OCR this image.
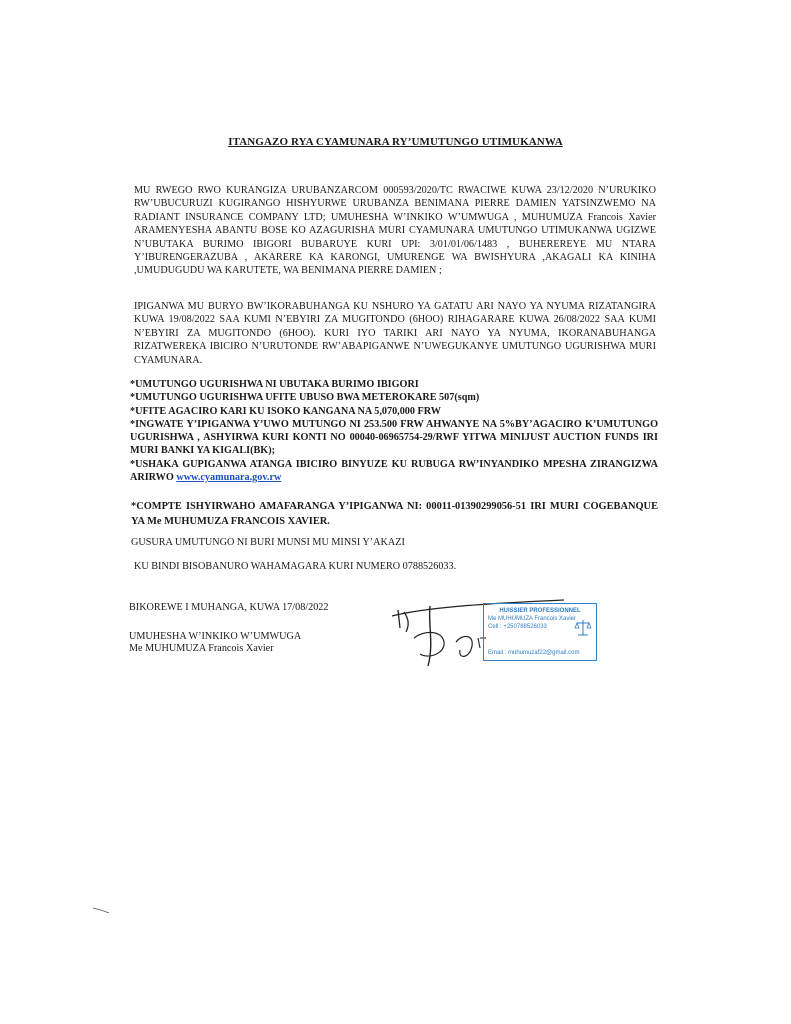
ITANGAZO RYA CYAMUNARA RY’UMUTUNGO UTIMUKANWA

MU RWEGO RWO KURANGIZA URUBANZARCOM 000593/2020/TC RWACIWE KUWA 23/12/2020 N’URUKIKO RW’UBUCURUZI KUGIRANGO HISHYURWE URUBANZA BENIMANA PIERRE DAMIEN YATSINZWEMO NA RADIANT INSURANCE COMPANY LTD; UMUHESHA W’INKIKO W’UMWUGA , MUHUMUZA Francois Xavier ARAMENYESHA ABANTU BOSE KO AZAGURISHA MURI CYAMUNARA UMUTUNGO UTIMUKANWA UGIZWE N’UBUTAKA BURIMO IBIGORI BUBARUYE KURI UPI: 3/01/01/06/1483 , BUHEREREYE MU NTARA Y’IBURENGERAZUBA , AKARERE KA KARONGI, UMURENGE WA BWISHYURA ,AKAGALI KA KINIHA ,UMUDUGUDU WA KARUTETE, WA BENIMANA PIERRE DAMIEN ;

IPIGANWA MU BURYO BW’IKORABUHANGA KU NSHURO YA GATATU ARI NAYO YA NYUMA RIZATANGIRA KUWA 19/08/2022 SAA KUMI N’EBYIRI ZA MUGITONDO (6HOO) RIHAGARARE KUWA 26/08/2022 SAA KUMI N’EBYIRI ZA MUGITONDO (6HOO). KURI IYO TARIKI ARI NAYO YA NYUMA, IKORANABUHANGA RIZATWEREKA IBICIRO N’URUTONDE RW’ABAPIGANWE N’UWEGUKANYE UMUTUNGO UGURISHWA MURI CYAMUNARA.

*UMUTUNGO UGURISHWA NI UBUTAKA BURIMO IBIGORI
*UMUTUNGO UGURISHWA UFITE UBUSO BWA METEROKARE 507(sqm)
*UFITE AGACIRO KARI KU ISOKO KANGANA NA 5,070,000 FRW
*INGWATE Y’IPIGANWA Y’UWO MUTUNGO NI 253.500 FRW AHWANYE NA 5%BY’AGACIRO K’UMUTUNGO UGURISHWA , ASHYIRWA KURI KONTI NO 00040-06965754-29/RWF YITWA MINIJUST AUCTION FUNDS IRI MURI BANKI YA KIGALI(BK);
*USHAKA GUPIGANWA ATANGA IBICIRO BINYUZE KU RUBUGA RW’INYANDIKO MPESHA ZIRANGIZWA ARIRWO www.cyamunara.gov.rw

*COMPTE ISHYIRWAHO AMAFARANGA Y’IPIGANWA NI: 00011-01390299056-51 IRI MURI COGEBANQUE YA Me MUHUMUZA FRANCOIS XAVIER.

GUSURA UMUTUNGO NI BURI MUNSI MU MINSI Y’AKAZI

KU BINDI BISOBANURO WAHAMAGARA KURI NUMERO 0788526033.

BIKOREWE I MUHANGA, KUWA 17/08/2022

UMUHESHA W’INKIKO W’UMWUGA

Me MUHUMUZA Francois Xavier

HUISSIER PROFESSIONNEL
Me MUHUMUZA Francois Xavier
Cell : +250788526033
Email : muhumuzaf22@gmail.com
